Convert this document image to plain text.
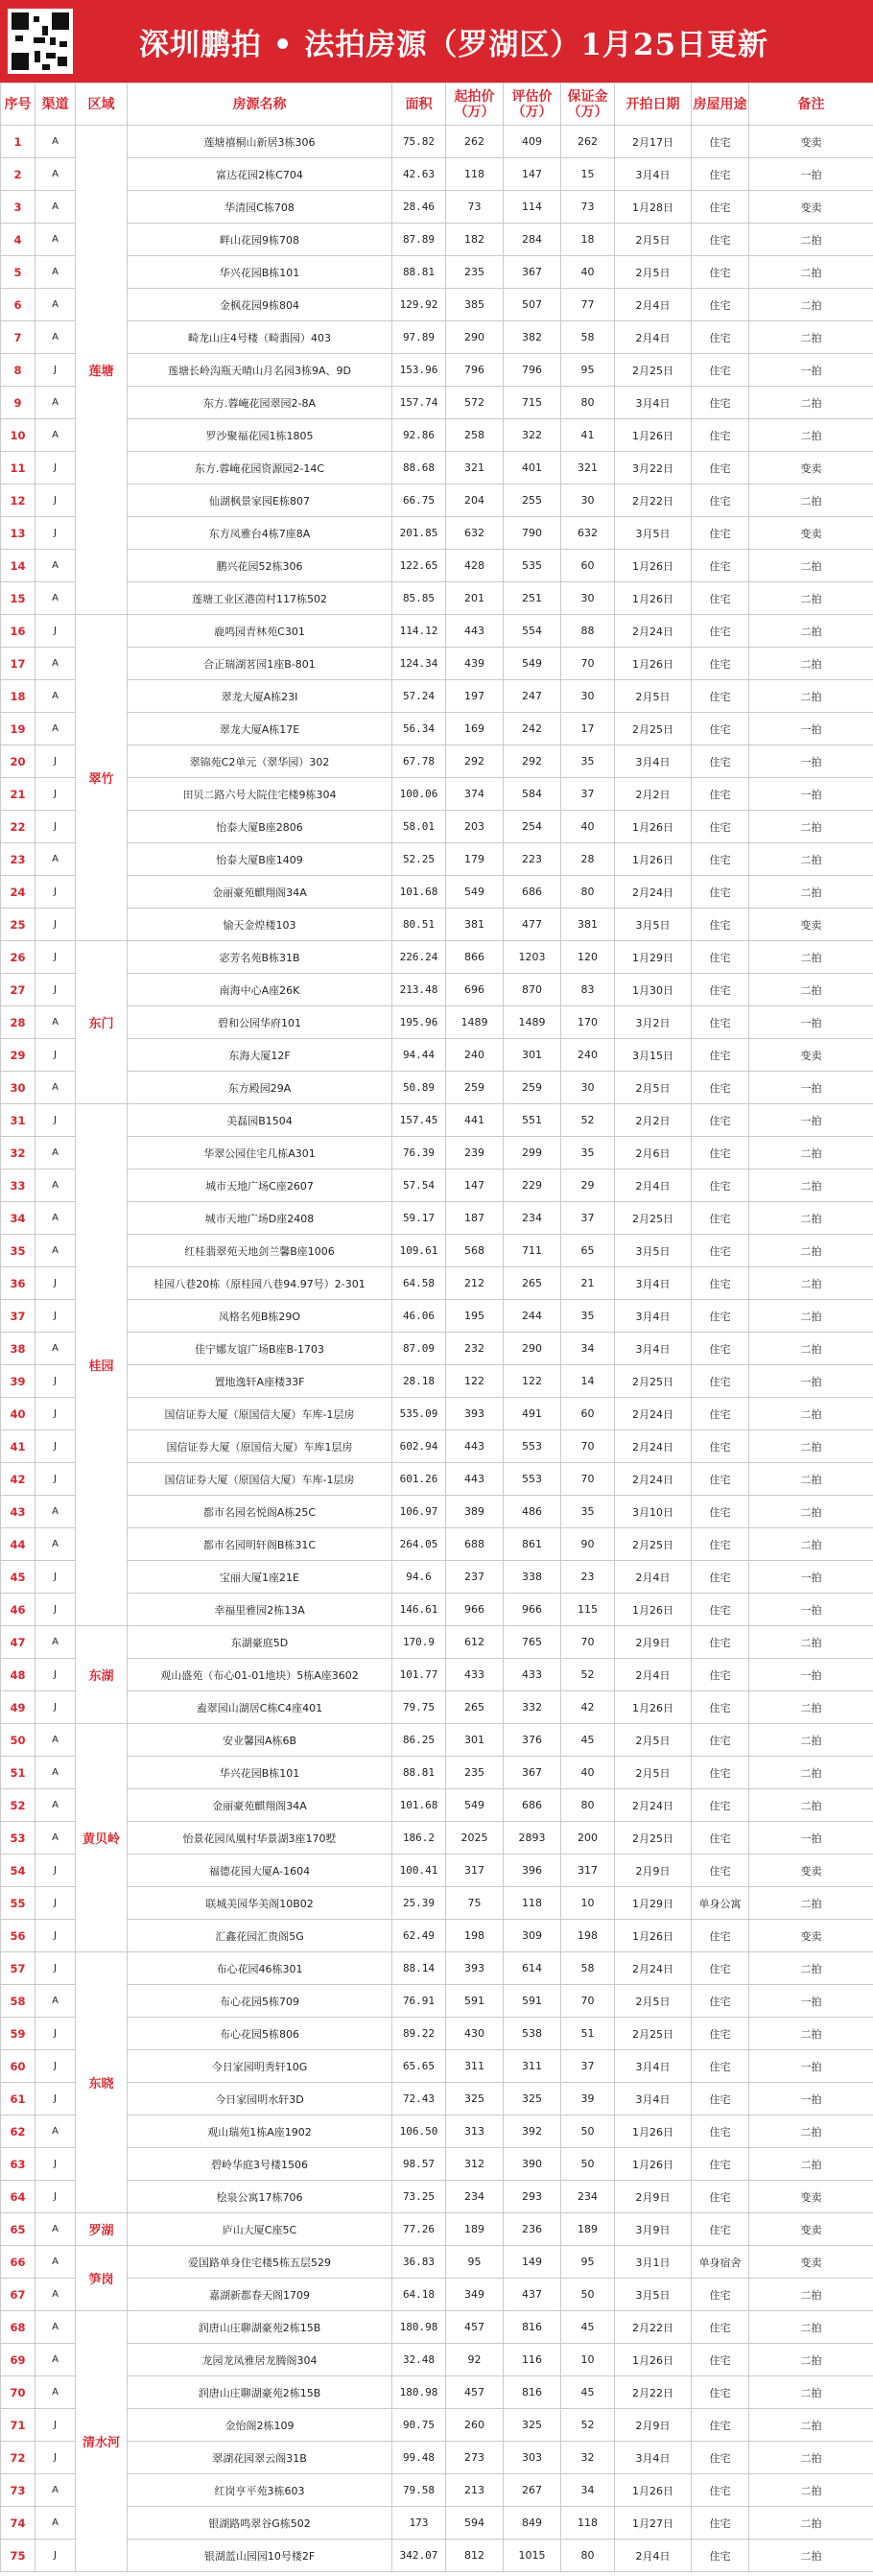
深圳鹏拍 • 法拍房源（罗湖区）1月25日更新
序号	渠道	区域	房源名称	面积	起拍价（万）	评估价（万）	保证金（万）	开拍日期	房屋用途	备注
1	A	莲塘	莲塘禧桐山新居3栋306	75.82	262	409	262	2月17日	住宅	变卖
2	A		富达花园2栋C704	42.63	118	147	15	3月4日	住宅	一拍
3	A		华清园C栋708	28.46	73	114	73	1月28日	住宅	变卖
4	A		畔山花园9栋708	87.89	182	284	18	2月5日	住宅	二拍
5	A		华兴花园B栋101	88.81	235	367	40	2月5日	住宅	二拍
6	A		金枫花园9栋804	129.92	385	507	77	2月4日	住宅	二拍
7	A		畸龙山庄4号楼（畸翡园）403	97.89	290	382	58	2月4日	住宅	二拍
8	J		莲塘长岭沟瓶天晴山月名园3栋9A、9D	153.96	796	796	95	2月25日	住宅	一拍
9	A		东方.蓉崦花园翠园2-8A	157.74	572	715	80	3月4日	住宅	二拍
10	A		罗沙聚福花园1栋1805	92.86	258	322	41	1月26日	住宅	二拍
11	J		东方.蓉崦花园资源园2-14C	88.68	321	401	321	3月22日	住宅	变卖
12	J		仙湖枫景家园E栋807	66.75	204	255	30	2月22日	住宅	二拍
13	J		东方凤雅台4栋7座8A	201.85	632	790	632	3月5日	住宅	变卖
14	A		鹏兴花园52栋306	122.65	428	535	60	1月26日	住宅	二拍
15	A		莲塘工业区港茵村117栋502	85.85	201	251	30	1月26日	住宅	二拍
16	J	翠竹	鹿鸣园青林苑C301	114.12	443	554	88	2月24日	住宅	二拍
17	A		合正瑞湖茗园1座B-801	124.34	439	549	70	1月26日	住宅	二拍
18	A		翠龙大厦A栋23I	57.24	197	247	30	2月5日	住宅	二拍
19	A		翠龙大厦A栋17E	56.34	169	242	17	2月25日	住宅	一拍
20	J		翠锦苑C2单元（翠华园）302	67.78	292	292	35	3月4日	住宅	一拍
21	J		田贝二路六号大院住宅楼9栋304	100.06	374	584	37	2月2日	住宅	一拍
22	J		怡泰大厦B座2806	58.01	203	254	40	1月26日	住宅	二拍
23	A		怡泰大厦B座1409	52.25	179	223	28	1月26日	住宅	二拍
24	J		金丽豪苑麒翔阁34A	101.68	549	686	80	2月24日	住宅	二拍
25	J		愉天金煌楼103	80.51	381	477	381	3月5日	住宅	变卖
26	J	东门	宓芳名苑B栋31B	226.24	866	1203	120	1月29日	住宅	二拍
27	J		南海中心A座26K	213.48	696	870	83	1月30日	住宅	二拍
28	A		碧和公园华府101	195.96	1489	1489	170	3月2日	住宅	一拍
29	J		东海大厦12F	94.44	240	301	240	3月15日	住宅	变卖
30	A		东方殿园29A	50.89	259	259	30	2月5日	住宅	一拍
31	J	桂园	美磊园B1504	157.45	441	551	52	2月2日	住宅	一拍
32	A		华翠公园住宅几栋A301	76.39	239	299	35	2月6日	住宅	二拍
33	A		城市天地广场C座2607	57.54	147	229	29	2月4日	住宅	二拍
34	A		城市天地广场D座2408	59.17	187	234	37	2月25日	住宅	二拍
35	A		红桂翡翠苑天地剑兰馨B座1006	109.61	568	711	65	3月5日	住宅	二拍
36	J		桂园八巷20栋（原桂园八巷94.97号）2-301	64.58	212	265	21	3月4日	住宅	二拍
37	J		凤格名苑B栋29O	46.06	195	244	35	3月4日	住宅	二拍
38	A		佳宁娜友谊广场B座B-1703	87.09	232	290	34	3月4日	住宅	二拍
39	J		置地逸轩A座楼33F	28.18	122	122	14	2月25日	住宅	一拍
40	J		国信证券大厦（原国信大厦）车库-1层房	535.09	393	491	60	2月24日	住宅	二拍
41	J		国信证券大厦（原国信大厦）车库1层房	602.94	443	553	70	2月24日	住宅	二拍
42	J		国信证券大厦（原国信大厦）车库-1层房	601.26	443	553	70	2月24日	住宅	二拍
43	A		都市名园名悦阁A栋25C	106.97	389	486	35	3月10日	住宅	二拍
44	A		都市名园明轩阁B栋31C	264.05	688	861	90	2月25日	住宅	二拍
45	J		宝丽大厦1座21E	94.6	237	338	23	2月4日	住宅	一拍
46	J		幸福里雅园2栋13A	146.61	966	966	115	1月26日	住宅	一拍
47	A	东湖	东湖豪庭5D	170.9	612	765	70	2月9日	住宅	二拍
48	J		观山盛苑（布心01-01地块）5栋A座3602	101.77	433	433	52	2月4日	住宅	一拍
49	J		盍翠园山湖居C栋C4座401	79.75	265	332	42	1月26日	住宅	二拍
50	A	黄贝岭	安业馨园A栋6B	86.25	301	376	45	2月5日	住宅	二拍
51	A		华兴花园B栋101	88.81	235	367	40	2月5日	住宅	二拍
52	A		金丽豪苑麒翔阁34A	101.68	549	686	80	2月24日	住宅	二拍
53	A		怡景花园凤凰村华景湖3座170墅	186.2	2025	2893	200	2月25日	住宅	一拍
54	J		福德花园大厦A-1604	100.41	317	396	317	2月9日	住宅	变卖
55	J		联城美园华美阁10B02	25.39	75	118	10	1月29日	单身公寓	二拍
56	J		汇鑫花园汇贵阁5G	62.49	198	309	198	1月26日	住宅	变卖
57	J	东晓	布心花园46栋301	88.14	393	614	58	2月24日	住宅	二拍
58	A		布心花园5栋709	76.91	591	591	70	2月5日	住宅	一拍
59	J		布心花园5栋806	89.22	430	538	51	2月25日	住宅	二拍
60	J		今日家园明秀轩10G	65.65	311	311	37	3月4日	住宅	一拍
61	J		今日家园明水轩3D	72.43	325	325	39	3月4日	住宅	一拍
62	A		观山瑞苑1栋A座1902	106.50	313	392	50	1月26日	住宅	二拍
63	J		碧岭华庭3号楼1506	98.57	312	390	50	1月26日	住宅	二拍
64	J		桧泉公寓17栋706	73.25	234	293	234	2月9日	住宅	变卖
65	A	罗湖	庐山大厦C座5C	77.26	189	236	189	3月9日	住宅	变卖
66	A	笋岗	爱国路单身住宅楼5栋五层529	36.83	95	149	95	3月1日	单身宿舍	变卖
67	A		嘉湖新都春天阁1709	64.18	349	437	50	3月5日	住宅	二拍
68	A	清水河	润唐山庄聊湖豪苑2栋15B	180.98	457	816	45	2月22日	住宅	二拍
69	A		龙园龙凤雅居龙腾阁304	32.48	92	116	10	1月26日	住宅	二拍
70	A		润唐山庄聊湖豪苑2栋15B	180.98	457	816	45	2月22日	住宅	二拍
71	J		金怡阁2栋109	90.75	260	325	52	2月9日	住宅	二拍
72	J		翠湖花园翠云阁31B	99.48	273	303	32	3月4日	住宅	二拍
73	A		红岗亨平苑3栋603	79.58	213	267	34	1月26日	住宅	二拍
74	A		银湖路鸣翠谷G栋502	173	594	849	118	1月27日	住宅	二拍
75	J		银湖蓝山园园10号楼2F	342.07	812	1015	80	2月4日	住宅	二拍
